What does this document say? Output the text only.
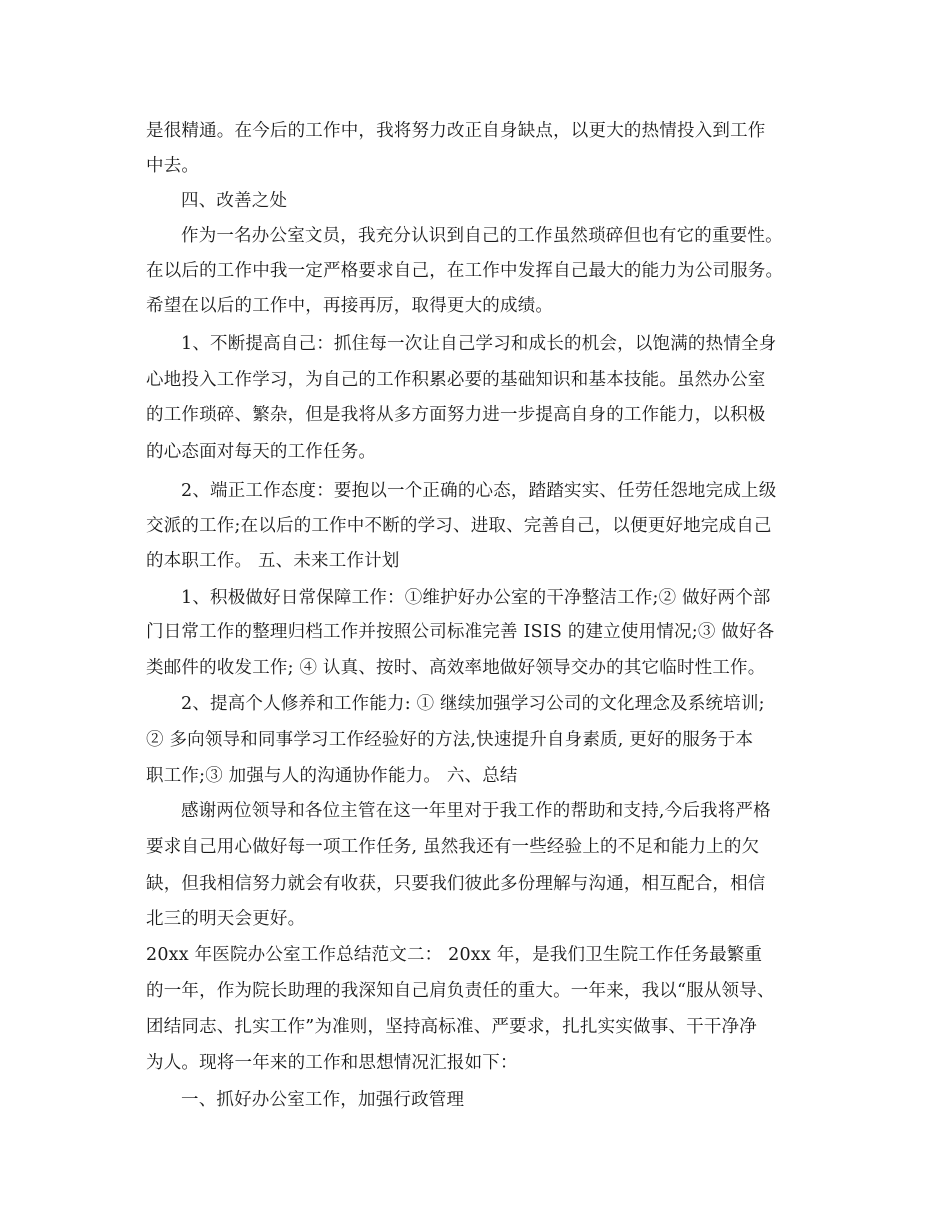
是很精通。在今后的工作中，我将努力改正自身缺点，以更大的热情投入到工作
中去。
四、改善之处
作为一名办公室文员，我充分认识到自己的工作虽然琐碎但也有它的重要性。
在以后的工作中我一定严格要求自己，在工作中发挥自己最大的能力为公司服务。
希望在以后的工作中，再接再厉，取得更大的成绩。
1、不断提高自己：抓住每一次让自己学习和成长的机会，以饱满的热情全身
心地投入工作学习，为自己的工作积累必要的基础知识和基本技能。虽然办公室
的工作琐碎、繁杂，但是我将从多方面努力进一步提高自身的工作能力，以积极
的心态面对每天的工作任务。
2、端正工作态度：要抱以一个正确的心态，踏踏实实、任劳任怨地完成上级
交派的工作;在以后的工作中不断的学习、进取、完善自己，以便更好地完成自己
的本职工作。 五、未来工作计划
1、积极做好日常保障工作：①维护好办公室的干净整洁工作;② 做好两个部
门日常工作的整理归档工作并按照公司标准完善 ISIS 的建立使用情况;③ 做好各
类邮件的收发工作; ④ 认真、按时、高效率地做好领导交办的其它临时性工作。
2、提高个人修养和工作能力: ① 继续加强学习公司的文化理念及系统培训;
② 多向领导和同事学习工作经验好的方法,快速提升自身素质, 更好的服务于本
职工作;③ 加强与人的沟通协作能力。 六、总结
感谢两位领导和各位主管在这一年里对于我工作的帮助和支持,今后我将严格
要求自己用心做好每一项工作任务, 虽然我还有一些经验上的不足和能力上的欠
缺，但我相信努力就会有收获，只要我们彼此多份理解与沟通，相互配合，相信
北三的明天会更好。
20xx 年医院办公室工作总结范文二： 20xx 年，是我们卫生院工作任务最繁重
的一年，作为院长助理的我深知自己肩负责任的重大。一年来，我以“服从领导、
团结同志、扎实工作”为准则，坚持高标准、严要求，扎扎实实做事、干干净净
为人。现将一年来的工作和思想情况汇报如下：
一、抓好办公室工作，加强行政管理
